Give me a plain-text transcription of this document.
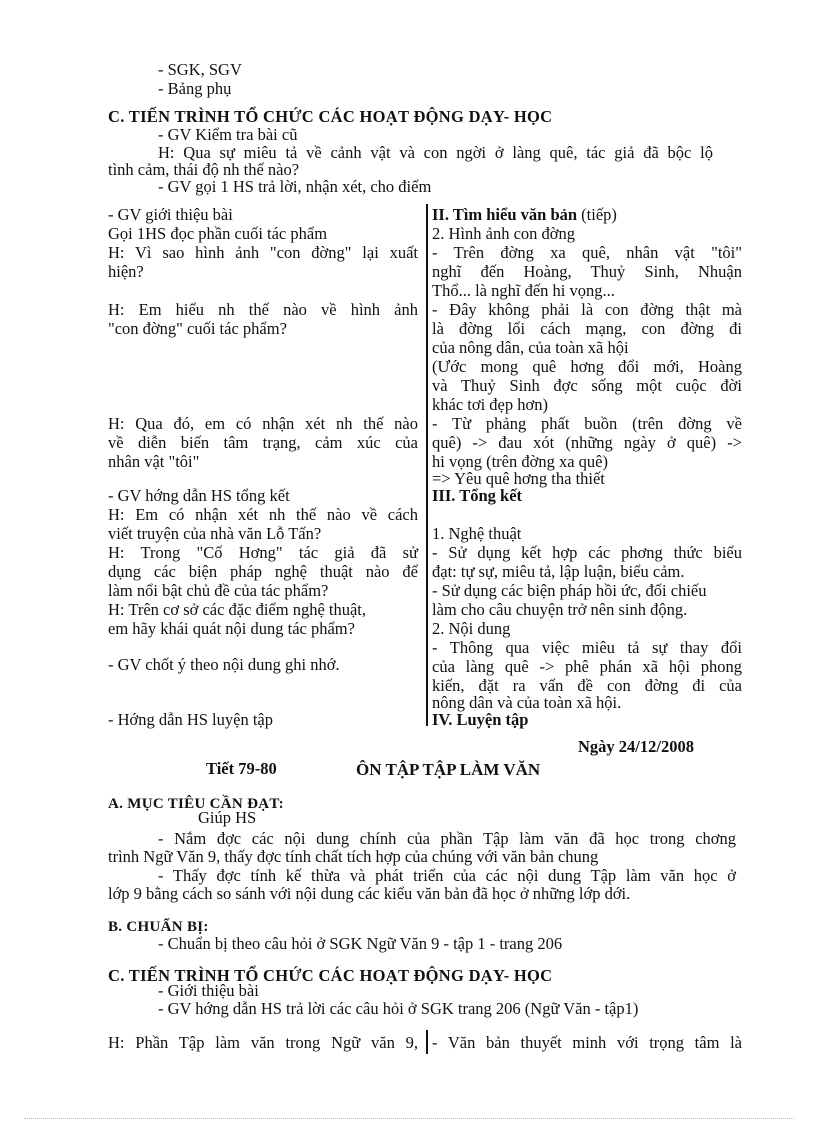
- SGK, SGV
- Bảng phụ
C. TIẾN TRÌNH TỔ CHỨC CÁC HOẠT ĐỘNG DẠY- HỌC
- GV Kiểm tra bài cũ
H: Qua sự miêu tả về cảnh vật và con ngời ở làng quê, tác giả đã bộc lộ
tình cảm, thái độ nh thế nào?
- GV gọi 1 HS trả lời, nhận xét, cho điểm
- GV giới thiệu bài
Gọi 1HS đọc phần cuối tác phẩm
H: Vì sao hình ảnh "con đờng" lại xuất
hiện?
H: Em hiểu nh thế nào về hình ảnh
"con đờng" cuối tác phẩm?
H: Qua đó, em có nhận xét nh thế nào
về diễn biến tâm trạng, cảm xúc của
nhân vật "tôi"
- GV hớng dẫn HS tổng kết
H: Em có nhận xét nh thế nào về cách
viết truyện của nhà văn Lỗ Tấn?
H: Trong "Cố Hơng" tác giả đã sử
dụng các biện pháp nghệ thuật nào để
làm nổi bật chủ đề của tác phẩm?
H: Trên cơ sở các đặc điểm nghệ thuật,
em hãy khái quát nội dung tác phẩm?
- GV chốt ý theo nội dung ghi nhớ.
- Hớng dẫn HS luyện tập
II. Tìm hiểu văn bản (tiếp)
2. Hình ảnh con đờng
- Trên đờng xa quê, nhân vật "tôi"
nghĩ đến Hoàng, Thuỷ Sinh, Nhuận
Thổ... là nghĩ đến hi vọng...
- Đây không phải là con đờng thật mà
là đờng lối cách mạng, con đờng đi
của nông dân, của toàn xã hội
(Ước mong quê hơng đổi mới, Hoàng
và Thuỷ Sinh đợc sống một cuộc đời
khác tơi đẹp hơn)
- Từ phảng phất buồn (trên đờng về
quê) -> đau xót (những ngày ở quê) ->
hi vọng (trên đờng xa quê)
=> Yêu quê hơng tha thiết
III. Tổng kết
1. Nghệ thuật
- Sử dụng kết hợp các phơng thức biểu
đạt: tự sự, miêu tả, lập luận, biểu cảm.
- Sử dụng các biện pháp hồi ức, đối chiếu
làm cho câu chuyện trở nên sinh động.
2. Nội dung
- Thông qua việc miêu tả sự thay đổi
của làng quê -> phê phán xã hội phong
kiến, đặt ra vấn đề con đờng đi của
nông dân và của toàn xã hội.
IV. Luyện tập
Ngày 24/12/2008
Tiết 79-80	ÔN TẬP TẬP LÀM VĂN
A. MỤC TIÊU CẦN ĐẠT:
Giúp HS
- Nắm đợc các nội dung chính của phần Tập làm văn đã học trong chơng
trình Ngữ Văn 9, thấy đợc tính chất tích hợp của chúng với văn bản chung
- Thấy đợc tính kế thừa và phát triển của các nội dung Tập làm văn học ở
lớp 9 bằng cách so sánh với nội dung các kiểu văn bản đã học ở những lớp dới.
B. CHUẨN BỊ:
- Chuẩn bị theo câu hỏi ở SGK Ngữ Văn 9 - tập 1 - trang 206
C. TIẾN TRÌNH TỔ CHỨC CÁC HOẠT ĐỘNG DẠY- HỌC
- Giới thiệu bài
- GV hớng dẫn HS trả lời các câu hỏi ở SGK trang 206 (Ngữ Văn - tập1)
H: Phần Tập làm văn trong Ngữ văn 9, - Văn bản thuyết minh với trọng tâm là
